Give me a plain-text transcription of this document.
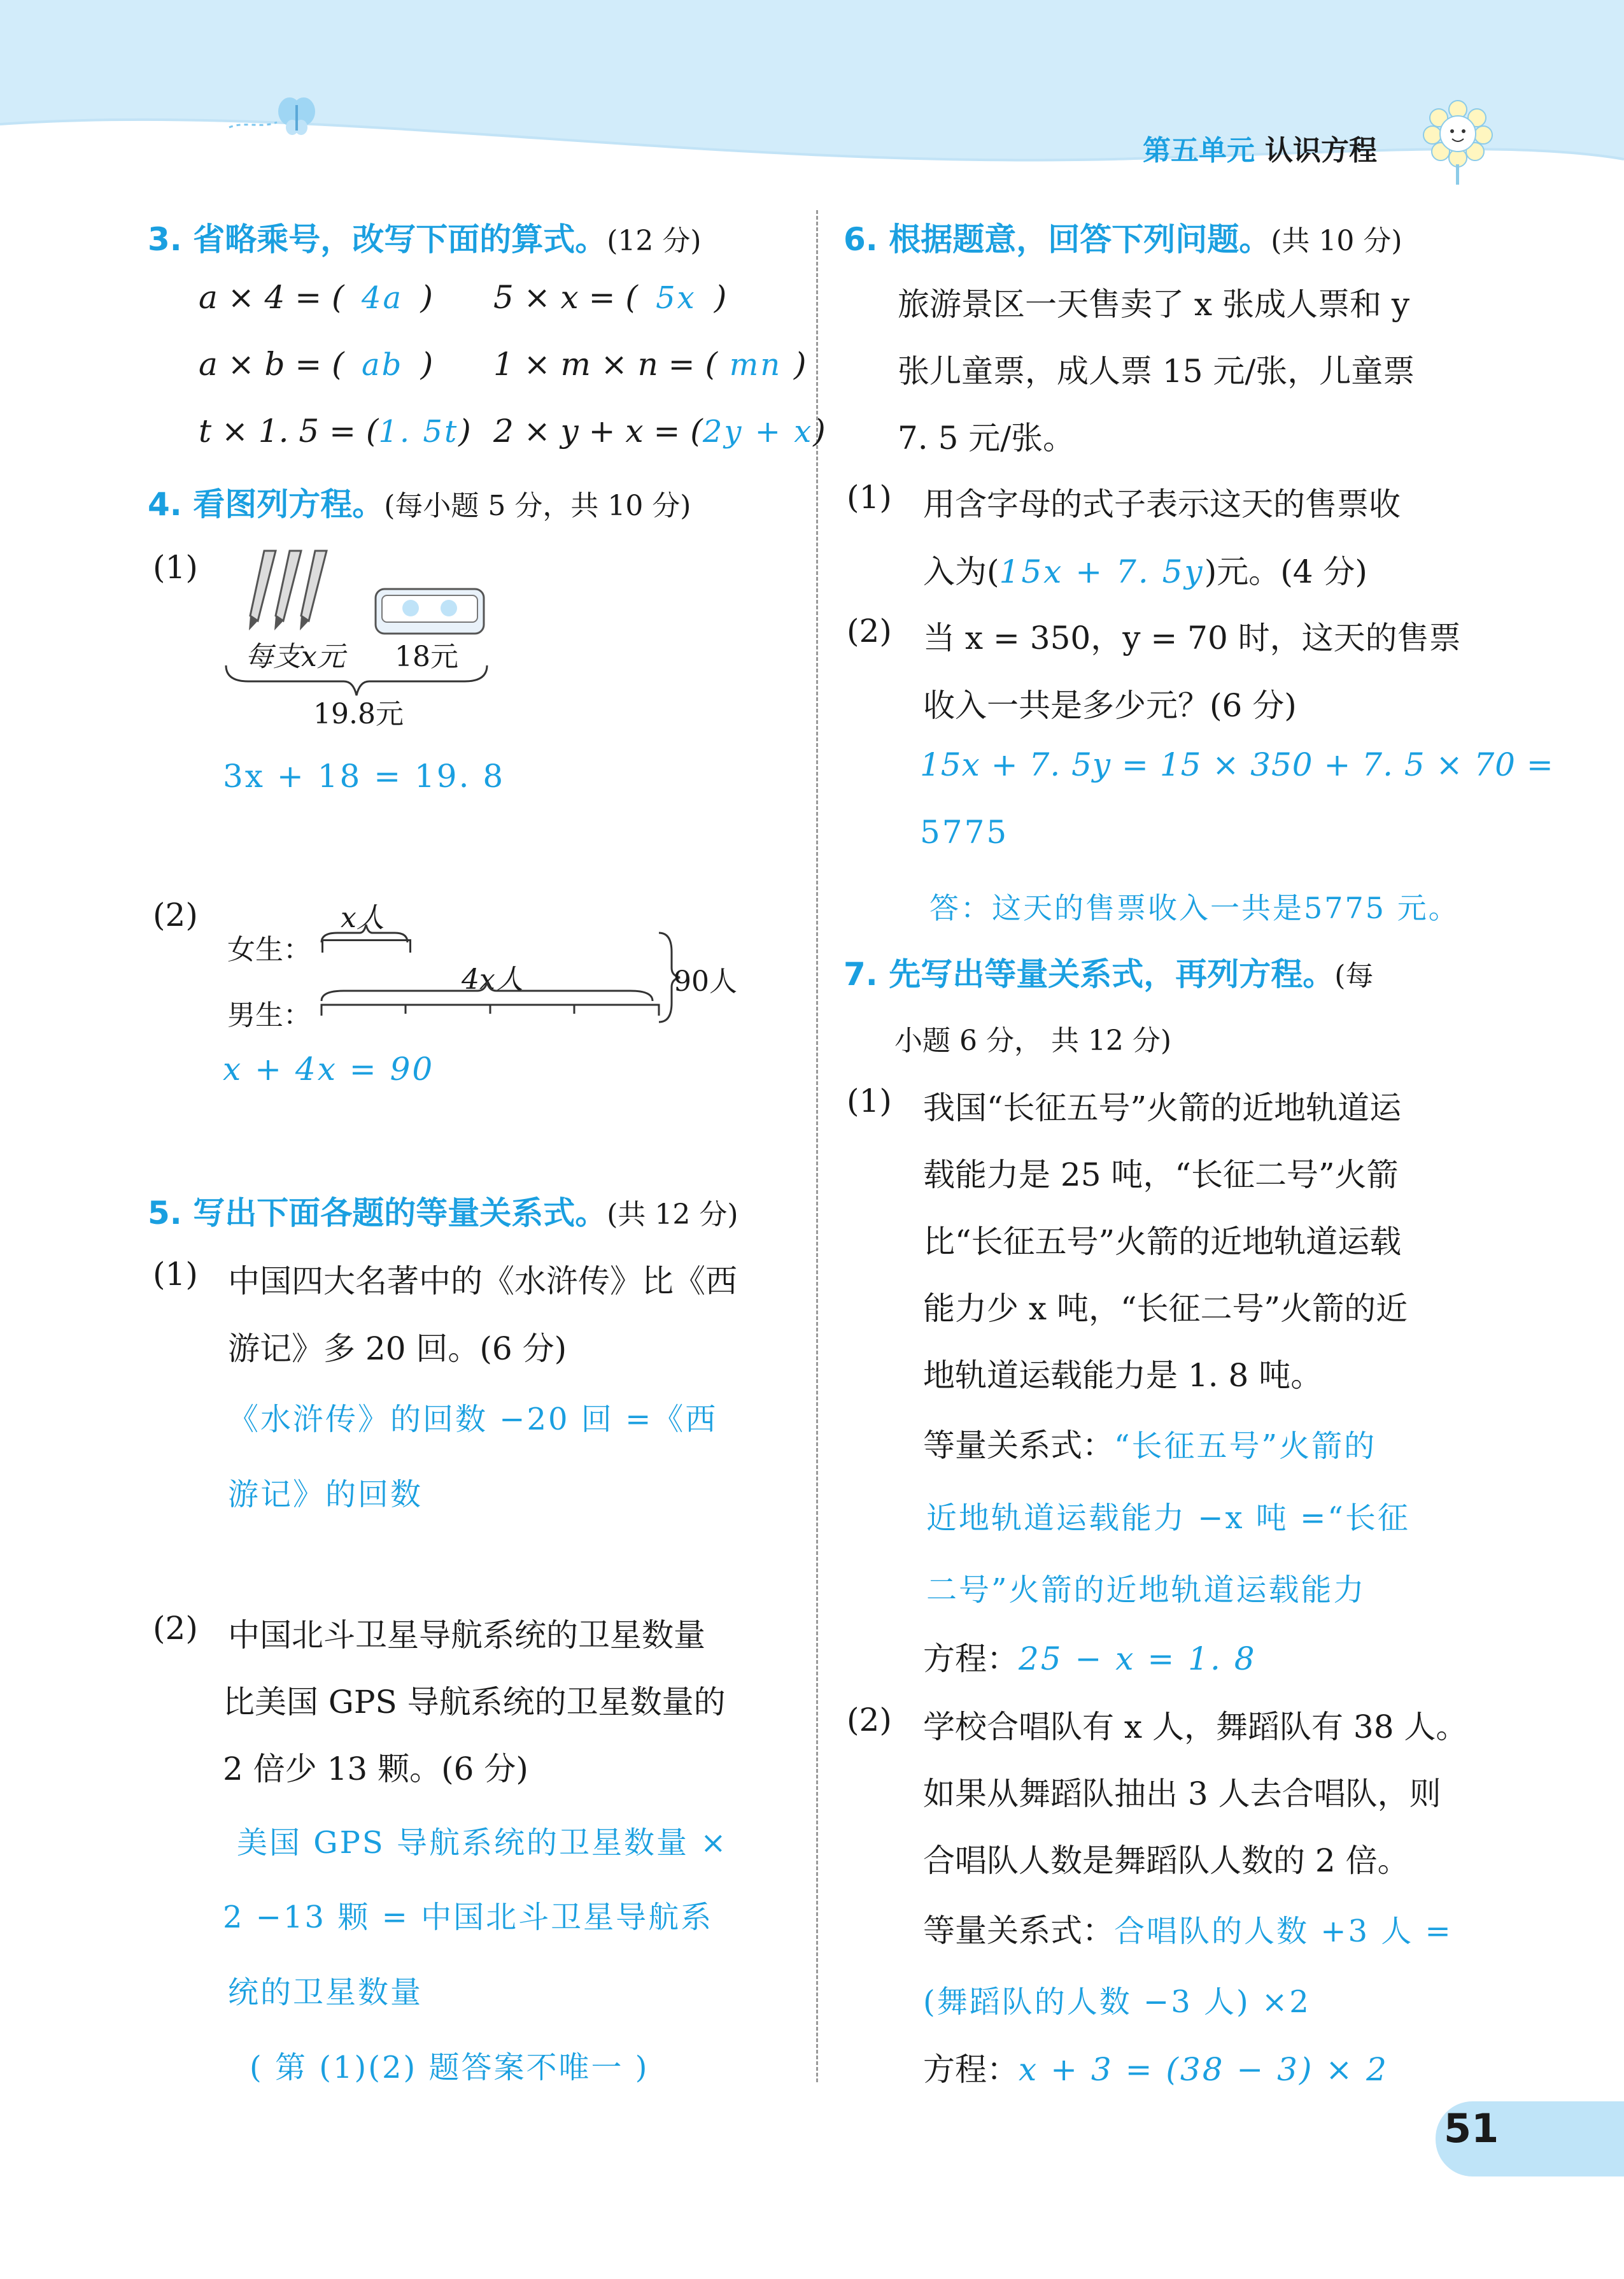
第五单元 认识方程
3. 省略乘号，改写下面的算式。(12 分)
a × 4 = ( 4a ) 5 × x = ( 5x )
a × b = ( ab ) 1 × m × n = ( mn )
t × 1. 5 = (1. 5t) 2 × y + x = (2y + x)
4. 看图列方程。(每小题 5 分，共 10 分)
(1)
每支x元 18元
19.8元
3x + 18 = 19. 8
(2)	x人
女生：
4x人
男生：
90人
x + 4x = 90
5. 写出下面各题的等量关系式。(共 12 分)
(1) 中国四大名著中的《水浒传》比《西
游记》多 20 回。(6 分)
《水浒传》的回数 −20 回 =《西
游记》的回数
(2) 中国北斗卫星导航系统的卫星数量
比美国 GPS 导航系统的卫星数量的
2 倍少 13 颗。(6 分)
美国 GPS 导航系统的卫星数量 ×
2 −13 颗 = 中国北斗卫星导航系
统的卫星数量
( 第 (1)(2) 题答案不唯一 )
6. 根据题意，回答下列问题。(共 10 分)
旅游景区一天售卖了 x 张成人票和 y
张儿童票，成人票 15 元/张，儿童票
7. 5 元/张。
(1) 用含字母的式子表示这天的售票收
入为(15x + 7. 5y)元。(4 分)
(2) 当 x = 350，y = 70 时，这天的售票
收入一共是多少元？(6 分)
15x + 7. 5y = 15 × 350 + 7. 5 × 70 =
5775
答：这天的售票收入一共是5775 元。
7. 先写出等量关系式，再列方程。(每
小题 6 分， 共 12 分)
(1) 我国“长征五号”火箭的近地轨道运
载能力是 25 吨，“长征二号”火箭
比“长征五号”火箭的近地轨道运载
能力少 x 吨，“长征二号”火箭的近
地轨道运载能力是 1. 8 吨。
等量关系式：“长征五号”火箭的
近地轨道运载能力 −x 吨 =“长征
二号”火箭的近地轨道运载能力
方程：25 − x = 1. 8
(2) 学校合唱队有 x 人，舞蹈队有 38 人。
如果从舞蹈队抽出 3 人去合唱队，则
合唱队人数是舞蹈队人数的 2 倍。
等量关系式：合唱队的人数 +3 人 =
(舞蹈队的人数 −3 人) ×2
方程：x + 3 = (38 − 3) × 2
51
